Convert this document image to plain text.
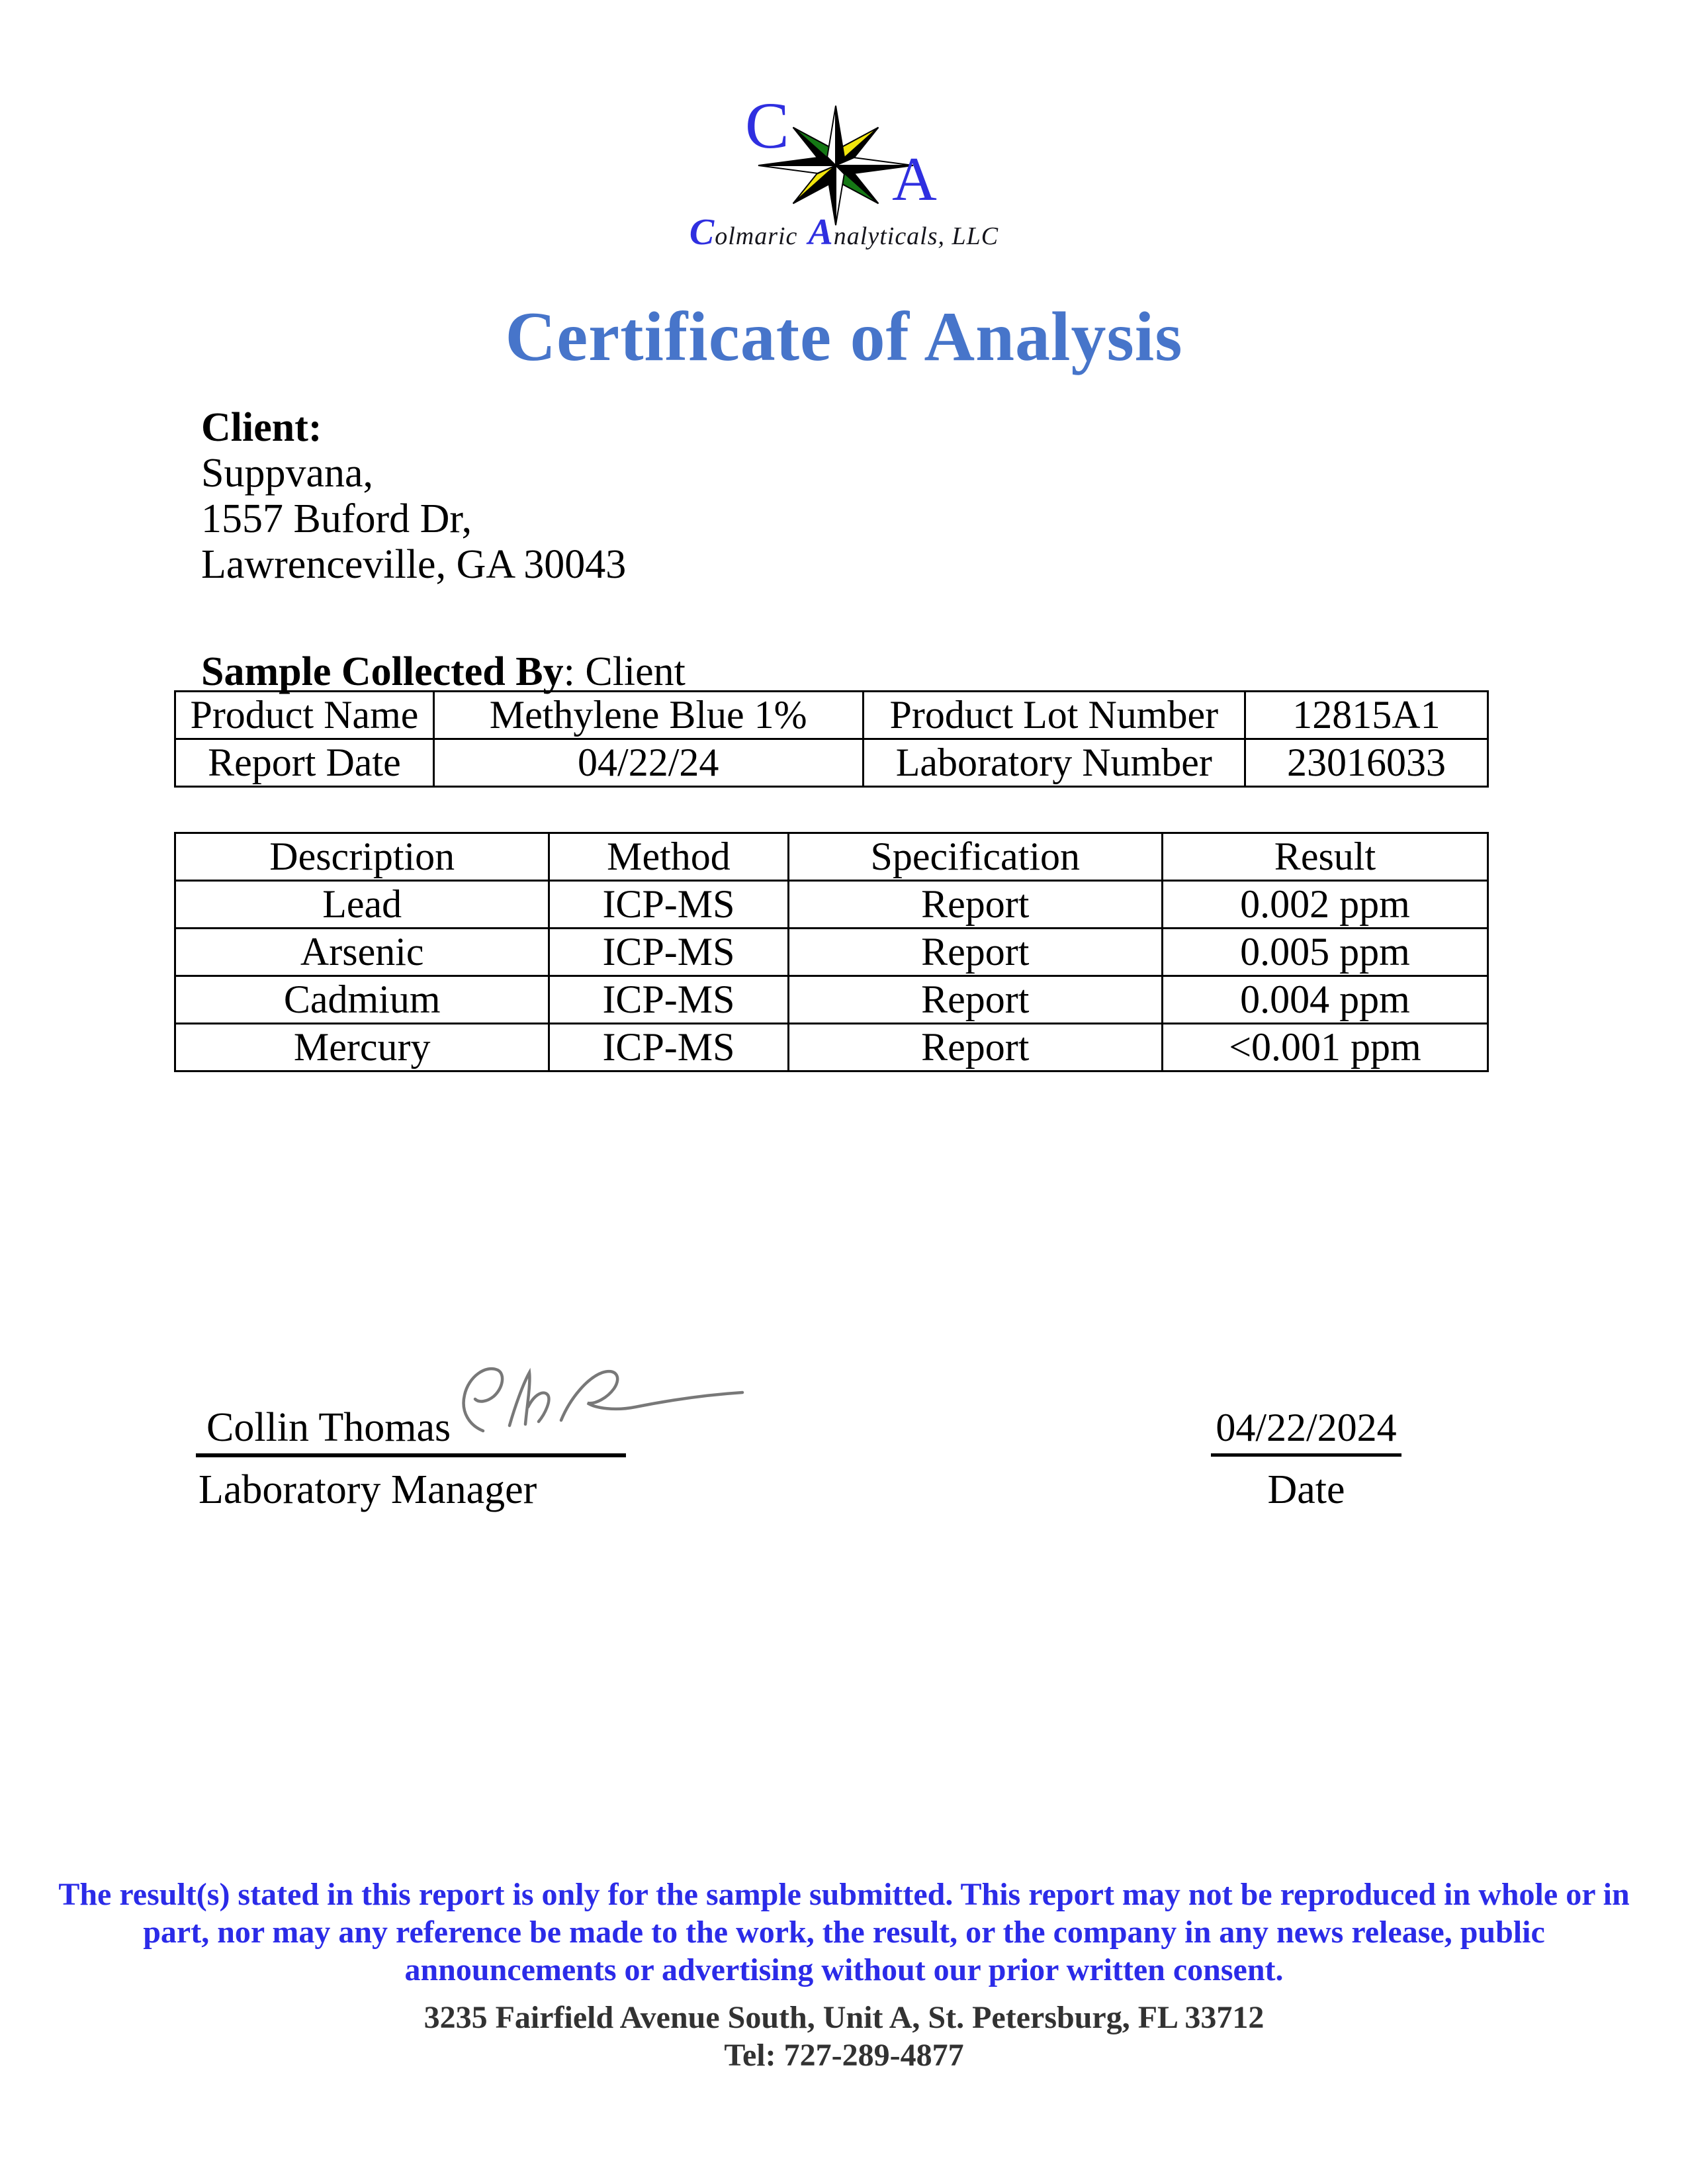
C
A
Colmaric Analyticals, LLC
Certificate of Analysis
Client:
Suppvana,
1557 Buford Dr,
Lawrenceville, GA 30043
Sample Collected By: Client
Product Name	Methylene Blue 1%	Product Lot Number	12815A1
Report Date	04/22/24	Laboratory Number	23016033
Description	Method	Specification	Result
Lead	ICP-MS	Report	0.002 ppm
Arsenic	ICP-MS	Report	0.005 ppm
Cadmium	ICP-MS	Report	0.004 ppm
Mercury	ICP-MS	Report	<0.001 ppm
Collin Thomas
Laboratory Manager
04/22/2024
Date
The result(s) stated in this report is only for the sample submitted. This report may not be reproduced in whole or in
part, nor may any reference be made to the work, the result, or the company in any news release, public
announcements or advertising without our prior written consent.
3235 Fairfield Avenue South, Unit A, St. Petersburg, FL 33712
Tel: 727-289-4877
